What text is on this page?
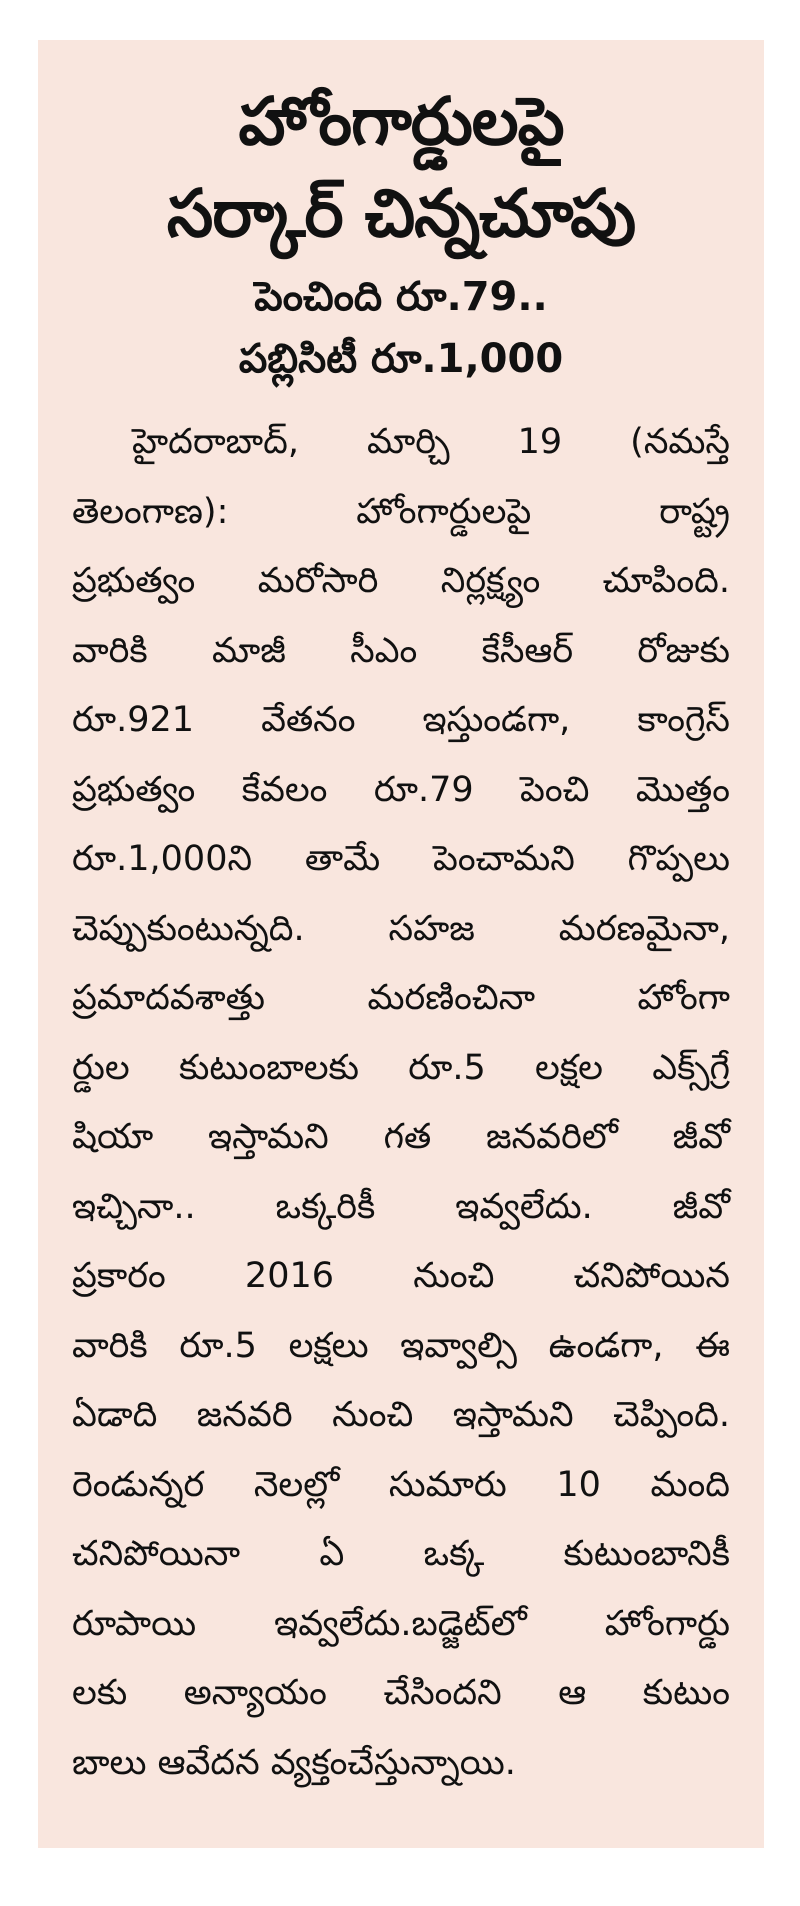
హోంగార్డులపై
సర్కార్ చిన్నచూపు
పెంచింది రూ.79..
పబ్లిసిటీ రూ.1,000
హైదరాబాద్, మార్చి 19 (నమస్తే
తెలంగాణ): హోంగార్డులపై రాష్ట్ర
ప్రభుత్వం మరోసారి నిర్లక్ష్యం చూపింది.
వారికి మాజీ సీఎం కేసీఆర్ రోజుకు
రూ.921 వేతనం ఇస్తుండగా, కాంగ్రెస్
ప్రభుత్వం కేవలం రూ.79 పెంచి మొత్తం
రూ.1,000ని తామే పెంచామని గొప్పలు
చెప్పుకుంటున్నది. సహజ మరణమైనా,
ప్రమాదవశాత్తు మరణించినా హోంగా
ర్డుల కుటుంబాలకు రూ.5 లక్షల ఎక్స్‌గ్రే
షియా ఇస్తామని గత జనవరిలో జీవో
ఇచ్చినా.. ఒక్కరికీ ఇవ్వలేదు. జీవో
ప్రకారం 2016 నుంచి చనిపోయిన
వారికి రూ.5 లక్షలు ఇవ్వాల్సి ఉండగా, ఈ
ఏడాది జనవరి నుంచి ఇస్తామని చెప్పింది.
రెండున్నర నెలల్లో సుమారు 10 మంది
చనిపోయినా ఏ ఒక్క కుటుంబానికీ
రూపాయి ఇవ్వలేదు.బడ్జెట్‌లో హోంగార్డు
లకు అన్యాయం చేసిందని ఆ కుటుం
బాలు ఆవేదన వ్యక్తంచేస్తున్నాయి.
